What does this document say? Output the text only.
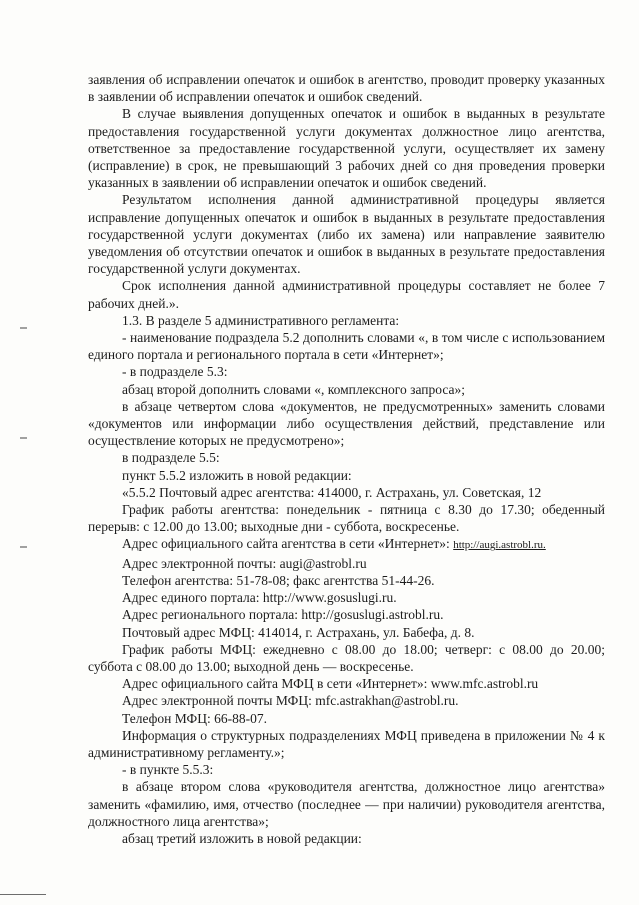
заявления об исправлении опечаток и ошибок в агентство, проводит проверку указанных в заявлении об исправлении опечаток и ошибок сведений.

В случае выявления допущенных опечаток и ошибок в выданных в результате предоставления государственной услуги документах должностное лицо агентства, ответственное за предоставление государственной услуги, осуществляет их замену (исправление) в срок, не превышающий 3 рабочих дней со дня проведения проверки указанных в заявлении об исправлении опечаток и ошибок сведений.

Результатом исполнения данной административной процедуры является исправление допущенных опечаток и ошибок в выданных в результате предоставления государственной услуги документах (либо их замена) или направление заявителю уведомления об отсутствии опечаток и ошибок в выданных в результате предоставления государственной услуги документах.

Срок исполнения данной административной процедуры составляет не более 7 рабочих дней.».

1.3. В разделе 5 административного регламента:

- наименование подраздела 5.2 дополнить словами «, в том числе с использованием единого портала и регионального портала в сети «Интернет»;

- в подразделе 5.3:

абзац второй дополнить словами «, комплексного запроса»;

в абзаце четвертом слова «документов, не предусмотренных» заменить словами «документов или информации либо осуществления действий, представление или осуществление которых не предусмотрено»;

в подразделе 5.5:

пункт 5.5.2 изложить в новой редакции:

«5.5.2 Почтовый адрес агентства: 414000, г. Астрахань, ул. Советская, 12

График работы агентства: понедельник - пятница с 8.30 до 17.30; обеденный перерыв: с 12.00 до 13.00; выходные дни - суббота, воскресенье.

Адрес официального сайта агентства в сети «Интернет»: http://augi.astrobl.ru.

Адрес электронной почты: augi@astrobl.ru

Телефон агентства: 51-78-08; факс агентства 51-44-26.

Адрес единого портала: http://www.gosuslugi.ru.

Адрес регионального портала: http://gosuslugi.astrobl.ru.

Почтовый адрес МФЦ: 414014, г. Астрахань, ул. Бабефа, д. 8.

График работы МФЦ: ежедневно с 08.00 до 18.00; четверг: с 08.00 до 20.00; суббота с 08.00 до 13.00; выходной день — воскресенье.

Адрес официального сайта МФЦ в сети «Интернет»: www.mfc.astrobl.ru

Адрес электронной почты МФЦ: mfc.astrakhan@astrobl.ru.

Телефон МФЦ: 66-88-07.

Информация о структурных подразделениях МФЦ приведена в приложении № 4 к административному регламенту.»;

- в пункте 5.5.3:

в абзаце втором слова «руководителя агентства, должностное лицо агентства» заменить «фамилию, имя, отчество (последнее — при наличии) руководителя агентства, должностного лица агентства»;

абзац третий изложить в новой редакции:
